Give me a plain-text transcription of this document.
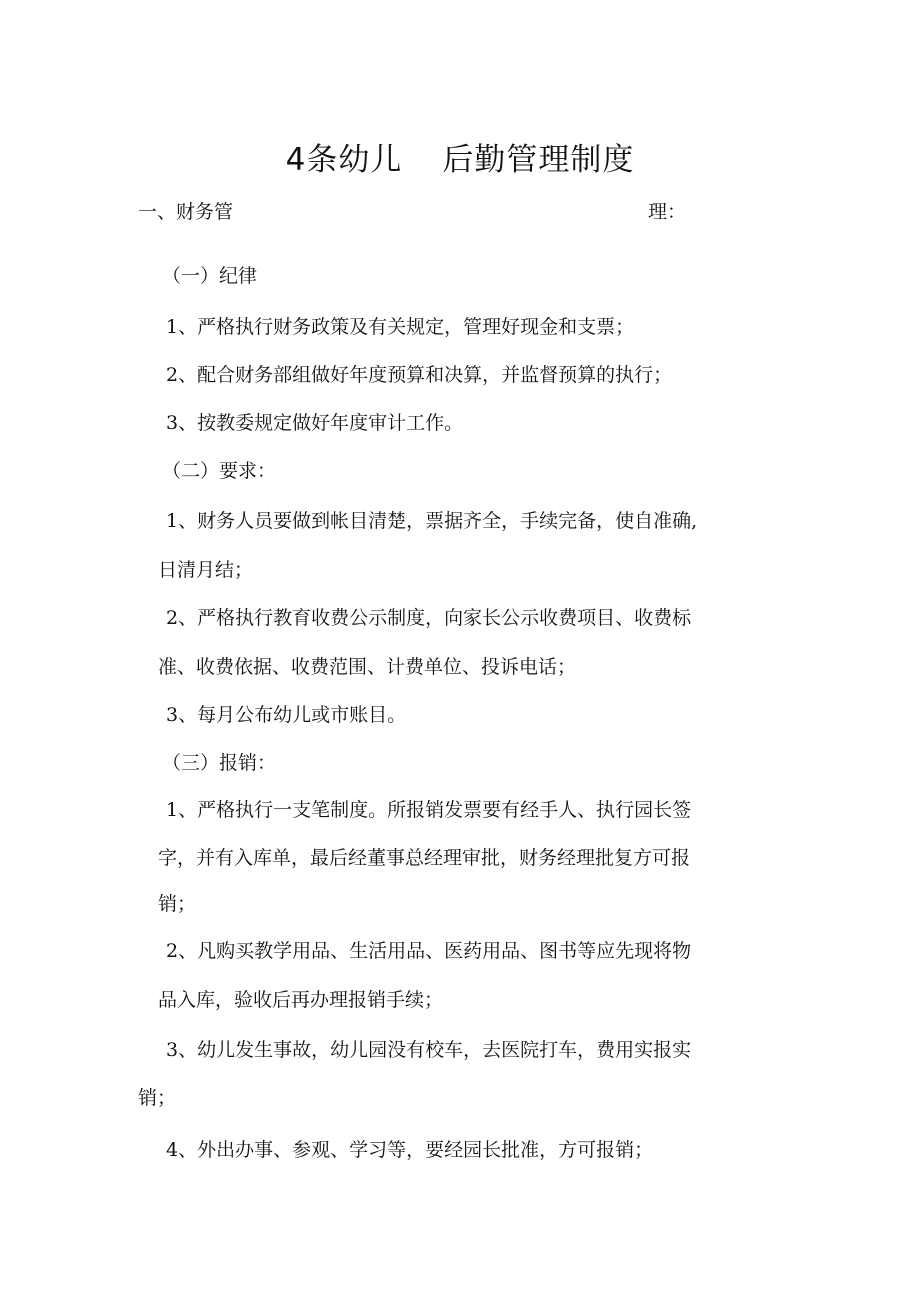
4条幼儿 后勤管理制度

一、财务管	理：

（一）纪律

1、严格执行财务政策及有关规定，管理好现金和支票；

2、配合财务部组做好年度预算和决算，并监督预算的执行；

3、按教委规定做好年度审计工作。

（二）要求：

1、财务人员要做到帐目清楚，票据齐全，手续完备，使自准确,

日清月结；

2、严格执行教育收费公示制度，向家长公示收费项目、收费标

准、收费依据、收费范围、计费单位、投诉电话；

3、每月公布幼儿或市账目。

（三）报销：

1、严格执行一支笔制度。所报销发票要有经手人、执行园长签

字，并有入库单，最后经董事总经理审批，财务经理批复方可报

销；

2、凡购买教学用品、生活用品、医药用品、图书等应先现将物

品入库，验收后再办理报销手续；

3、幼儿发生事故，幼儿园没有校车，去医院打车，费用实报实

销；

4、外出办事、参观、学习等，要经园长批准，方可报销；
